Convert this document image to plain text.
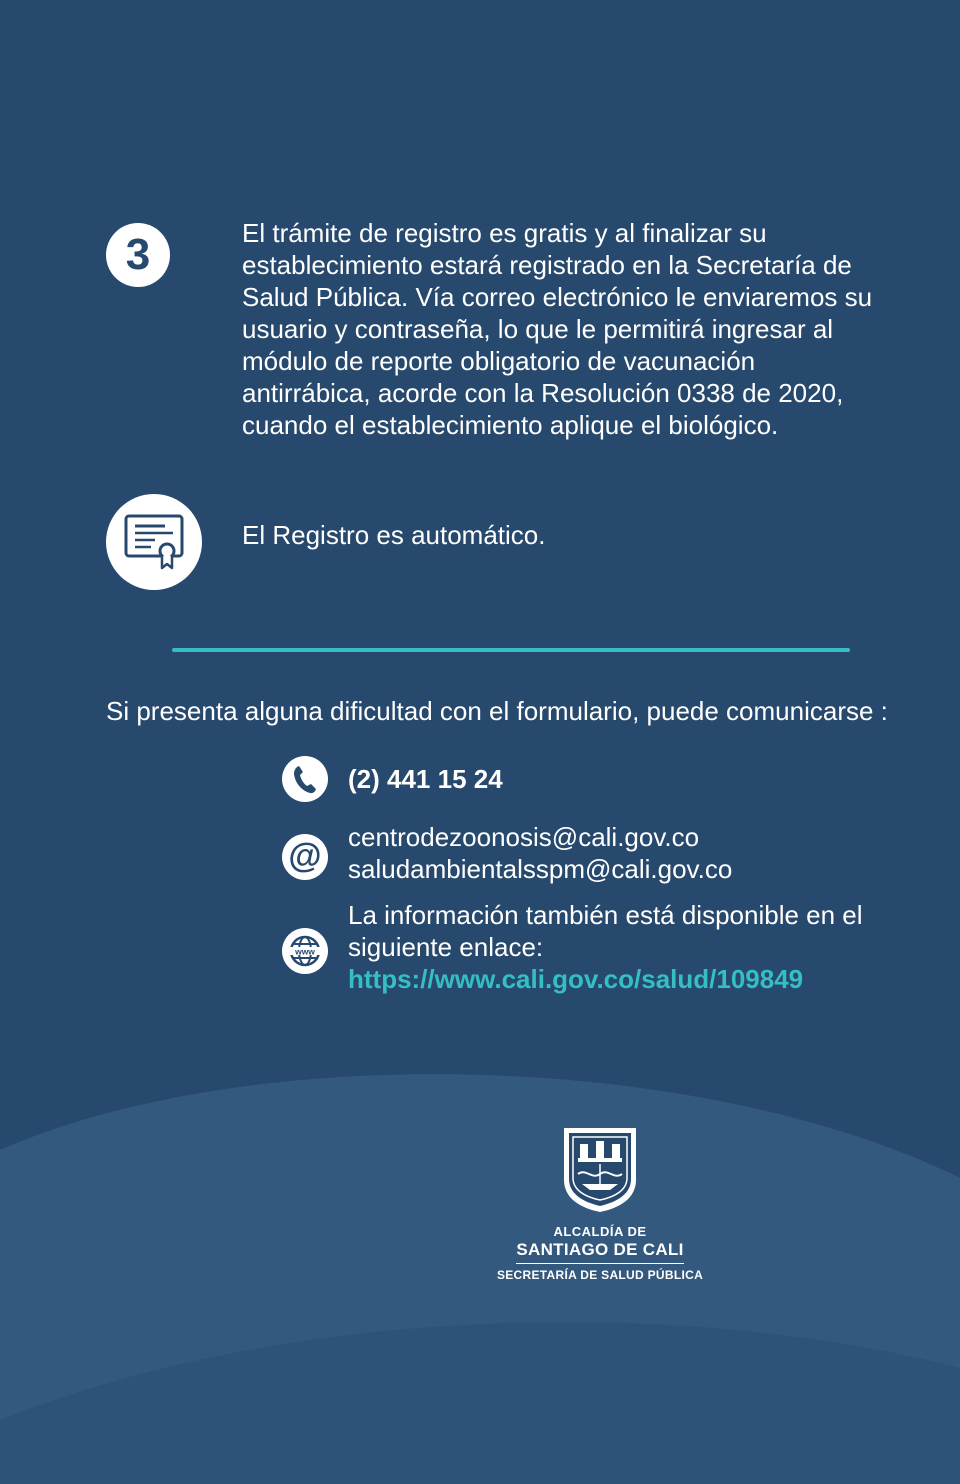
3	El trámite de registro es gratis y al finalizar su establecimiento estará registrado en la Secretaría de Salud Pública. Vía correo electrónico le enviaremos su usuario y contraseña, lo que le permitirá ingresar al módulo de reporte obligatorio de vacunación antirrábica, acorde con la Resolución 0338 de 2020, cuando el establecimiento aplique el biológico.

El Registro es automático.

Si presenta alguna dificultad con el formulario, puede comunicarse :

(2) 441 15 24

@ centrodezoonosis@cali.gov.co
saludambientalsspm@cali.gov.co
www
La información también está disponible en el siguiente enlace:
https://www.cali.gov.co/salud/109849
ALCALDÍA DE
SANTIAGO DE CALI
SECRETARÍA DE SALUD PÚBLICA
